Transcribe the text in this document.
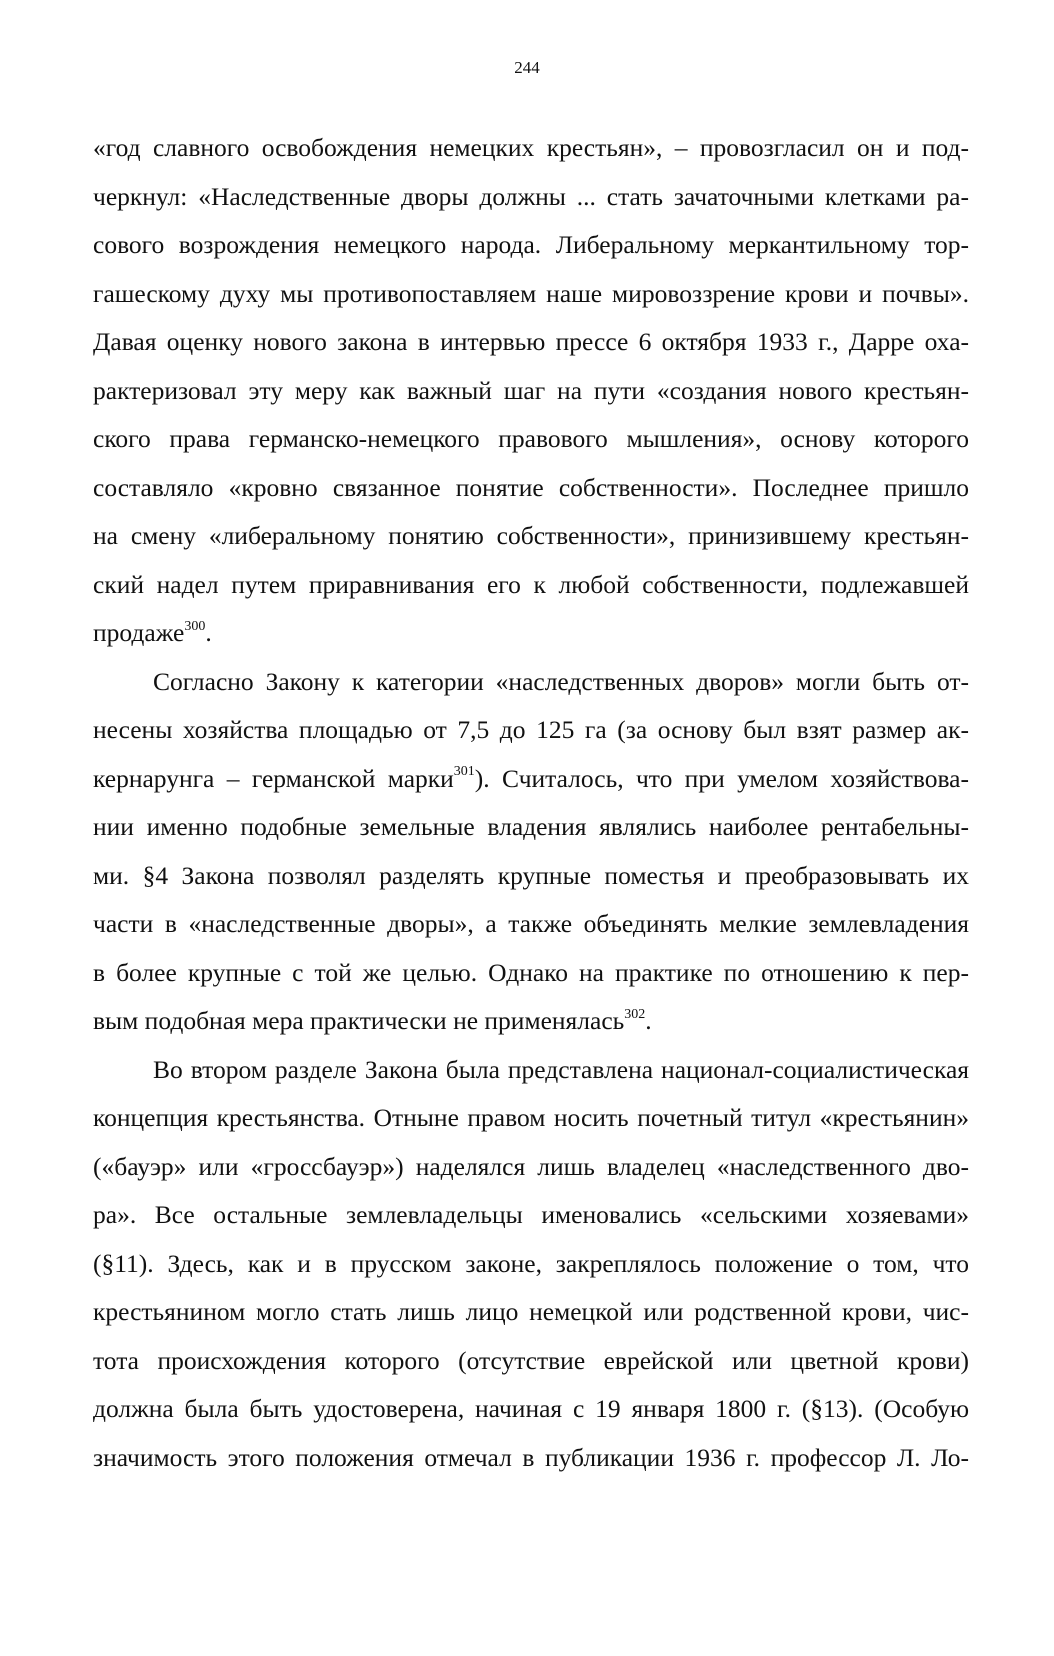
244
«год славного освобождения немецких крестьян», – провозгласил он и под-
черкнул: «Наследственные дворы должны ... стать зачаточными клетками ра-
сового возрождения немецкого народа. Либеральному меркантильному тор-
гашескому духу мы противопоставляем наше мировоззрение крови и почвы».
Давая оценку нового закона в интервью прессе 6 октября 1933 г., Дарре оха-
рактеризовал эту меру как важный шаг на пути «создания нового крестьян-
ского права германско-немецкого правового мышления», основу которого
составляло «кровно связанное понятие собственности». Последнее пришло
на смену «либеральному понятию собственности», принизившему крестьян-
ский надел путем приравнивания его к любой собственности, подлежавшей
продаже$^{300}$.
Согласно Закону к категории «наследственных дворов» могли быть от-
несены хозяйства площадью от 7,5 до 125 га (за основу был взят размер ак-
кернарунга – германской марки$^{301}$). Считалось, что при умелом хозяйствова-
нии именно подобные земельные владения являлись наиболее рентабельны-
ми. §4 Закона позволял разделять крупные поместья и преобразовывать их
части в «наследственные дворы», а также объединять мелкие землевладения
в более крупные с той же целью. Однако на практике по отношению к пер-
вым подобная мера практически не применялась$^{302}$.
Во втором разделе Закона была представлена национал-социалистическая
концепция крестьянства. Отныне правом носить почетный титул «крестьянин»
(«бауэр» или «гроссбауэр») наделялся лишь владелец «наследственного дво-
ра». Все остальные землевладельцы именовались «сельскими хозяевами»
(§11). Здесь, как и в прусском законе, закреплялось положение о том, что
крестьянином могло стать лишь лицо немецкой или родственной крови, чис-
тота происхождения которого (отсутствие еврейской или цветной крови)
должна была быть удостоверена, начиная с 19 января 1800 г. (§13). (Особую
значимость этого положения отмечал в публикации 1936 г. профессор Л. Ло-
